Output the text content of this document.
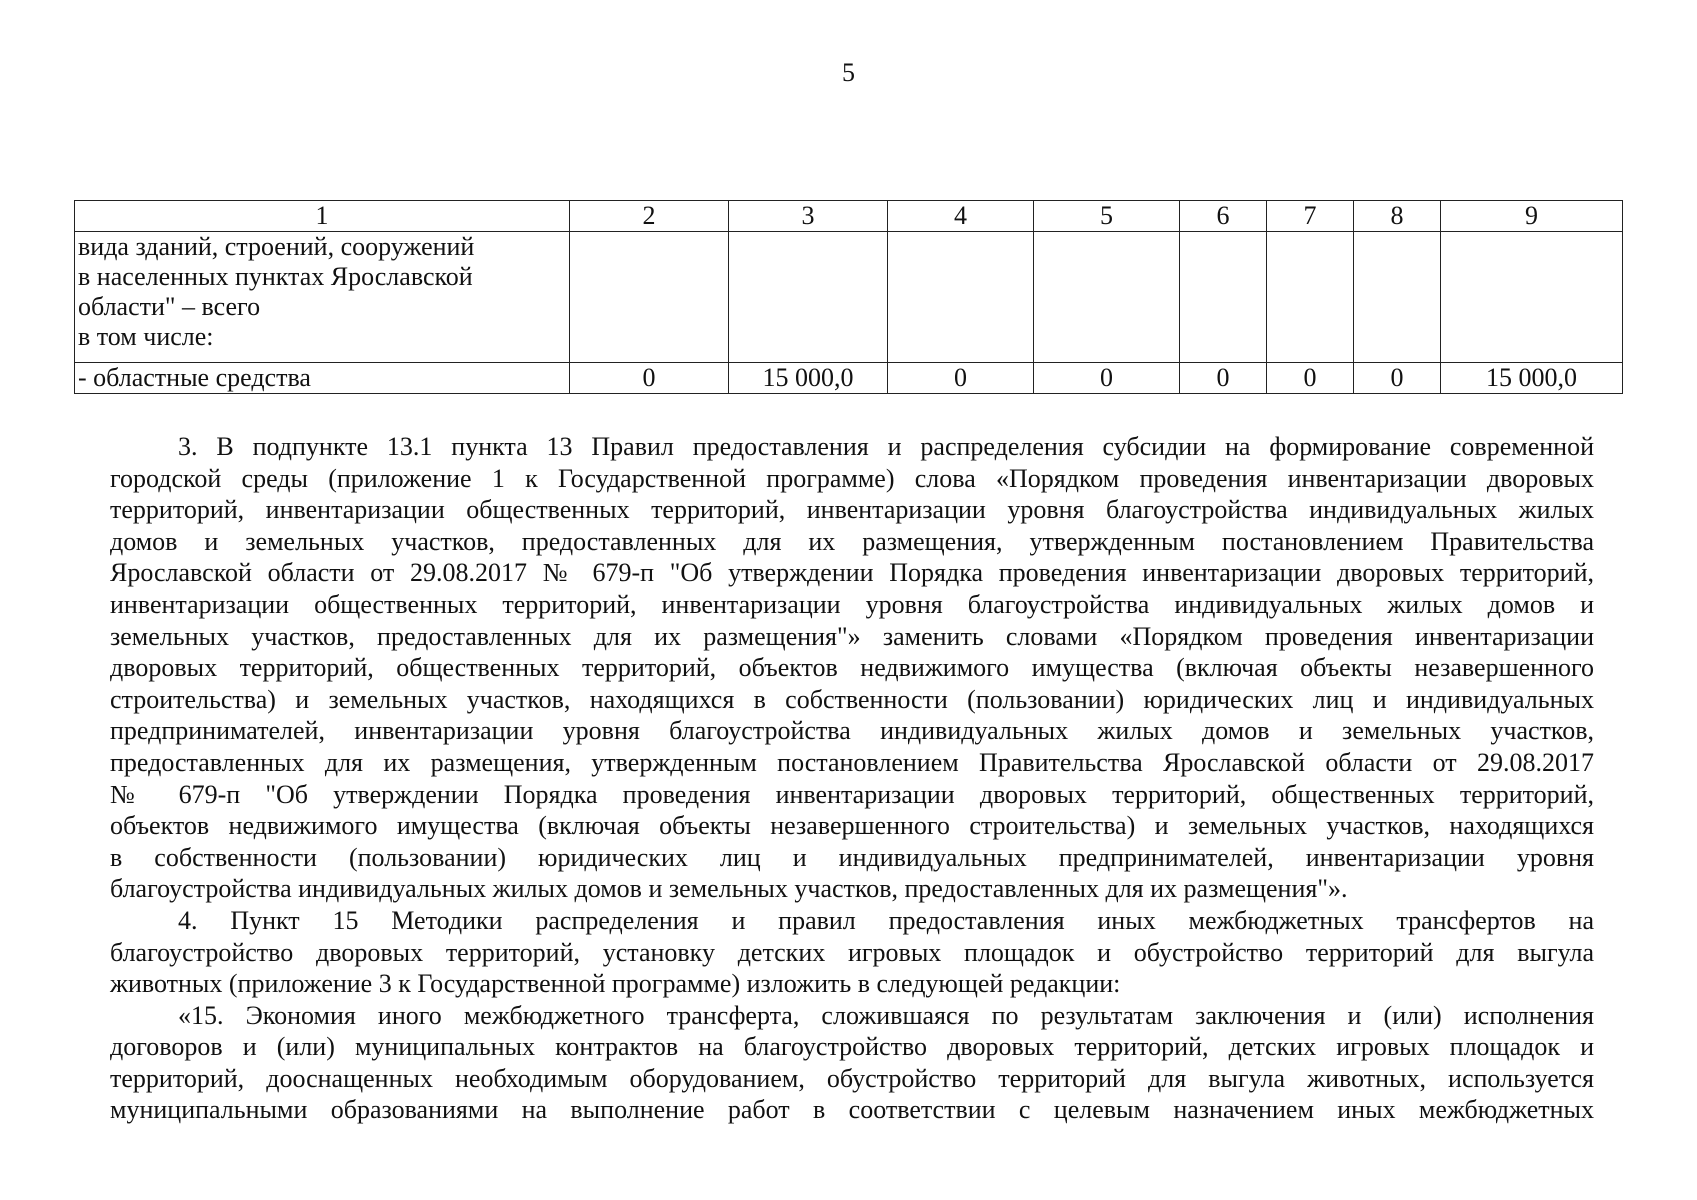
5
1	2	3	4	5	6	7	8	9

вида зданий, строений, сооружений
в населенных пунктах Ярославской
области" – всего
в том числе:								

- областные средства	0	15 000,0	0	0	0	0	0	15 000,0
3. В подпункте 13.1 пункта 13 Правил предоставления и распределения субсидии на формирование современной
городской среды (приложение 1 к Государственной программе) слова «Порядком проведения инвентаризации дворовых
территорий, инвентаризации общественных территорий, инвентаризации уровня благоустройства индивидуальных жилых
домов и земельных участков, предоставленных для их размещения, утвержденным постановлением Правительства
Ярославской области от 29.08.2017 № 679-п "Об утверждении Порядка проведения инвентаризации дворовых территорий,
инвентаризации общественных территорий, инвентаризации уровня благоустройства индивидуальных жилых домов и
земельных участков, предоставленных для их размещения"» заменить словами «Порядком проведения инвентаризации
дворовых территорий, общественных территорий, объектов недвижимого имущества (включая объекты незавершенного
строительства) и земельных участков, находящихся в собственности (пользовании) юридических лиц и индивидуальных
предпринимателей, инвентаризации уровня благоустройства индивидуальных жилых домов и земельных участков,
предоставленных для их размещения, утвержденным постановлением Правительства Ярославской области от 29.08.2017
№ 679-п "Об утверждении Порядка проведения инвентаризации дворовых территорий, общественных территорий,
объектов недвижимого имущества (включая объекты незавершенного строительства) и земельных участков, находящихся
в собственности (пользовании) юридических лиц и индивидуальных предпринимателей, инвентаризации уровня
благоустройства индивидуальных жилых домов и земельных участков, предоставленных для их размещения"».
4. Пункт 15 Методики распределения и правил предоставления иных межбюджетных трансфертов на
благоустройство дворовых территорий, установку детских игровых площадок и обустройство территорий для выгула
животных (приложение 3 к Государственной программе) изложить в следующей редакции:
«15. Экономия иного межбюджетного трансферта, сложившаяся по результатам заключения и (или) исполнения
договоров и (или) муниципальных контрактов на благоустройство дворовых территорий, детских игровых площадок и
территорий, дооснащенных необходимым оборудованием, обустройство территорий для выгула животных, используется
муниципальными образованиями на выполнение работ в соответствии с целевым назначением иных межбюджетных
